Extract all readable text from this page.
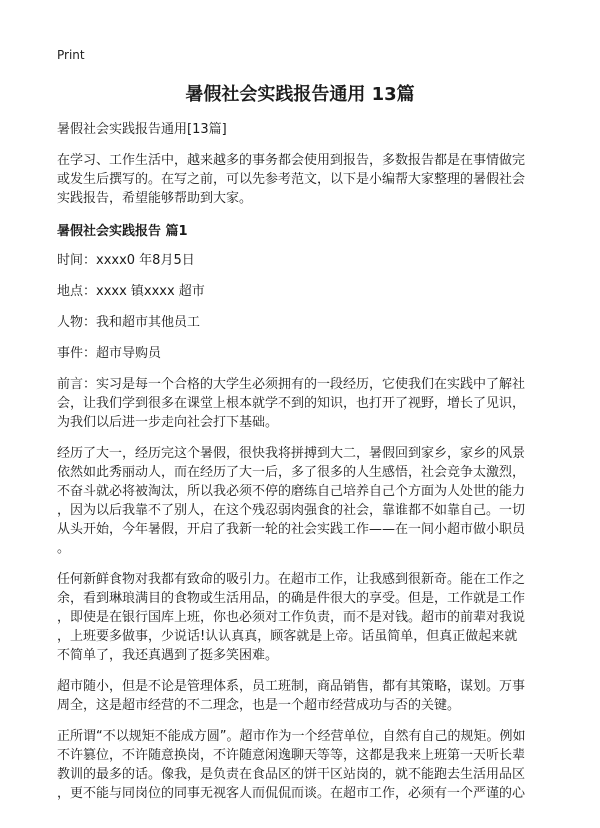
Print
暑假社会实践报告通用 13篇
暑假社会实践报告通用[13篇]
在学习、工作生活中，越来越多的事务都会使用到报告，多数报告都是在事情做完
或发生后撰写的。在写之前，可以先参考范文，以下是小编帮大家整理的暑假社会
实践报告，希望能够帮助到大家。
暑假社会实践报告 篇1
时间：xxxx0 年8月5日
地点：xxxx 镇xxxx 超市
人物：我和超市其他员工
事件：超市导购员
前言：实习是每一个合格的大学生必须拥有的一段经历，它使我们在实践中了解社
会，让我们学到很多在课堂上根本就学不到的知识，也打开了视野，增长了见识，
为我们以后进一步走向社会打下基础。
经历了大一，经历完这个暑假，很快我将拼搏到大二，暑假回到家乡，家乡的风景
依然如此秀丽动人，而在经历了大一后，多了很多的人生感悟，社会竞争太激烈，
不奋斗就必将被淘汰，所以我必须不停的磨练自己培养自己个方面为人处世的能力
，因为以后我靠不了别人，在这个残忍弱肉强食的社会，靠谁都不如靠自己。一切
从头开始，今年暑假，开启了我新一轮的社会实践工作——在一间小超市做小职员
。
任何新鲜食物对我都有致命的吸引力。在超市工作，让我感到很新奇。能在工作之
余，看到琳琅满目的食物或生活用品，的确是件很大的享受。但是，工作就是工作
，即使是在银行国库上班，你也必须对工作负责，而不是对钱。超市的前辈对我说
，上班要多做事，少说话!认认真真，顾客就是上帝。话虽简单，但真正做起来就
不简单了，我还真遇到了挺多笑困难。
超市随小，但是不论是管理体系，员工班制，商品销售，都有其策略，谋划。万事
周全，这是超市经营的不二理念，也是一个超市经营成功与否的关键。
正所谓“不以规矩不能成方圆”。超市作为一个经营单位，自然有自己的规矩。例如
不许篡位，不许随意换岗，不许随意闲逸聊天等等，这都是我来上班第一天听长辈
教训的最多的话。像我，是负责在食品区的饼干区站岗的，就不能跑去生活用品区
，更不能与同岗位的同事无视客人而侃侃而谈。在超市工作，必须有一个严谨的心
